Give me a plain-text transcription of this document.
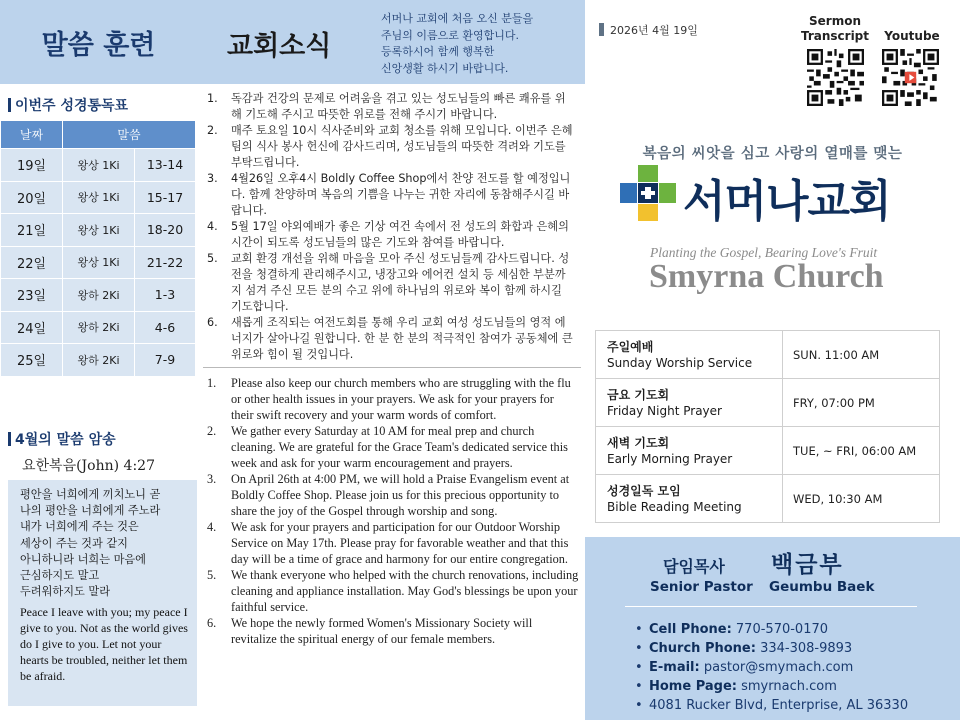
말씀 훈련
이번주 성경통독표
날짜	말씀	
19일	왕상 1Ki	13-14
20일	왕상 1Ki	15-17
21일	왕상 1Ki	18-20
22일	왕상 1Ki	21-22
23일	왕하 2Ki	1-3
24일	왕하 2Ki	4-6
25일	왕하 2Ki	7-9
4월의 말씀 암송
요한복음(John) 4:27
평안을 너희에게 끼치노니 곧
나의 평안을 너희에게 주노라
내가 너희에게 주는 것은
세상이 주는 것과 같지
아니하니라 너희는 마음에
근심하지도 말고
두려워하지도 말라
Peace I leave with you; my peace I give to you. Not as the world gives do I give to you. Let not your hearts be troubled, neither let them be afraid.
교회소식
서머나 교회에 처음 오신 분들을
주님의 이름으로 환영합니다.
등록하시어 함께 행복한
신앙생활 하시기 바랍니다.
1.	독감과 건강의 문제로 어려움을 겪고 있는 성도님들의 빠른 쾌유를 위해 기도해 주시고 따뜻한 위로를 전해 주시기 바랍니다.
2.	매주 토요일 10시 식사준비와 교회 청소를 위해 모입니다. 이번주 은혜팀의 식사 봉사 헌신에 감사드리며, 성도님들의 따뜻한 격려와 기도를 부탁드립니다.
3.	4월26일 오후4시 Boldly Coffee Shop에서 찬양 전도를 할 예정입니다. 함께 찬양하며 복음의 기쁨을 나누는 귀한 자리에 동참해주시길 바랍니다.
4.	5월 17일 야외예배가 좋은 기상 여건 속에서 전 성도의 화합과 은혜의 시간이 되도록 성도님들의 많은 기도와 참여를 바랍니다.
5.	교회 환경 개선을 위해 마음을 모아 주신 성도님들께 감사드립니다. 성전을 청결하게 관리해주시고, 냉장고와 에어컨 설치 등 세심한 부분까지 섬겨 주신 모든 분의 수고 위에 하나님의 위로와 복이 함께 하시길 기도합니다.
6.	새롭게 조직되는 여전도회를 통해 우리 교회 여성 성도님들의 영적 에너지가 살아나길 원합니다. 한 분 한 분의 적극적인 참여가 공동체에 큰 위로와 힘이 될 것입니다.
1.	Please also keep our church members who are struggling with the flu or other health issues in your prayers. We ask for your prayers for their swift recovery and your warm words of comfort.
2.	We gather every Saturday at 10 AM for meal prep and church cleaning. We are grateful for the Grace Team's dedicated service this week and ask for your warm encouragement and prayers.
3.	On April 26th at 4:00 PM, we will hold a Praise Evangelism event at Boldly Coffee Shop. Please join us for this precious opportunity to share the joy of the Gospel through worship and song.
4.	We ask for your prayers and participation for our Outdoor Worship Service on May 17th. Please pray for favorable weather and that this day will be a time of grace and harmony for our entire congregation.
5.	We thank everyone who helped with the church renovations, including cleaning and appliance installation. May God's blessings be upon your faithful service.
6.	We hope the newly formed Women's Missionary Society will revitalize the spiritual energy of our female members.
2026년 4월 19일
Sermon
Transcript	Youtube
복음의 씨앗을 심고 사랑의 열매를 맺는
서머나교회
Planting the Gospel, Bearing Love's Fruit
Smyrna Church
주일예배
Sunday Worship Service	SUN. 11:00 AM

금요 기도회
Friday Night Prayer	FRY, 07:00 PM

새벽 기도회
Early Morning Prayer	TUE, ~ FRI, 06:00 AM

성경일독 모임
Bible Reading Meeting	WED, 10:30 AM
담임목사 백금부
Senior Pastor Geumbu Baek
• Cell Phone: 770-570-0170
• Church Phone: 334-308-9893
• E-mail: pastor@smymach.com
• Home Page: smyrnach.com
• 4081 Rucker Blvd, Enterprise, AL 36330
